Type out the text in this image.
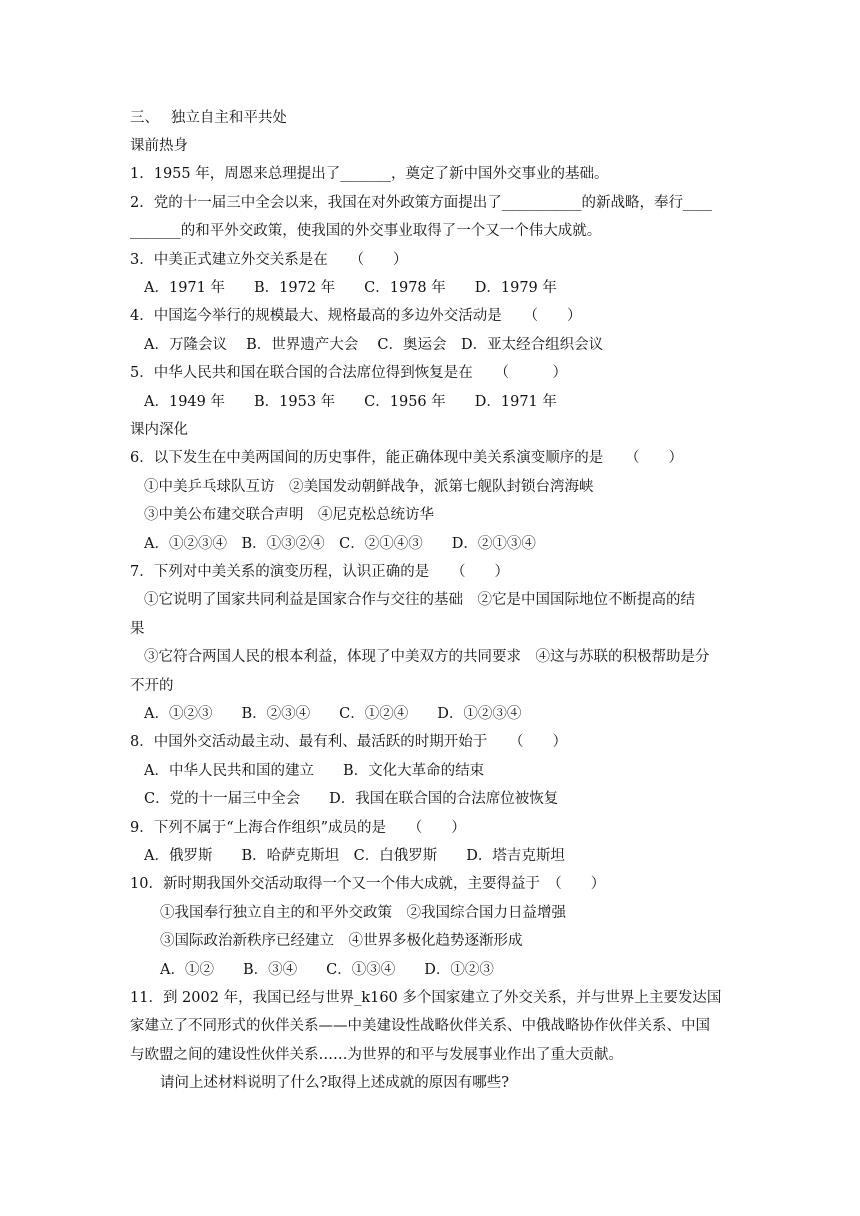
三、　 独立自主和平共处
课前热身
1．1955 年，周恩来总理提出了_______，奠定了新中国外交事业的基础。
2．党的十一届三中全会以来，我国在对外政策方面提出了___________的新战略，奉行____
_______的和平外交政策，使我国的外交事业取得了一个又一个伟大成就。
3．中美正式建立外交关系是在　　（　　）
A．1971 年　　B．1972 年　　C．1978 年　　D．1979 年
4．中国迄今举行的规模最大、规格最高的多边外交活动是　　（　　）
A．万隆会议　 B．世界遗产大会　 C．奥运会　D．亚太经合组织会议
5．中华人民共和国在联合国的合法席位得到恢复是在　　（　　　）
A．1949 年　　B．1953 年　　C．1956 年　　D．1971 年
课内深化
6．以下发生在中美两国间的历史事件，能正确体现中美关系演变顺序的是　　（　　）
①中美乒乓球队互访　②美国发动朝鲜战争，派第七舰队封锁台湾海峡
③中美公布建交联合声明　④尼克松总统访华
A．①②③④　B．①③②④　C．②①④③　　D．②①③④
7．下列对中美关系的演变历程，认识正确的是　　（　　）
①它说明了国家共同利益是国家合作与交往的基础　②它是中国国际地位不断提高的结
果
③它符合两国人民的根本利益，体现了中美双方的共同要求　④这与苏联的积极帮助是分
不开的
A．①②③　　B．②③④　　C．①②④　　D．①②③④
8．中国外交活动最主动、最有利、最活跃的时期开始于　　（　　）
A．中华人民共和国的建立　　B．文化大革命的结束
C．党的十一届三中全会　　D．我国在联合国的合法席位被恢复
9．下列不属于“上海合作组织”成员的是　　（　　）
A．俄罗斯　　B．哈萨克斯坦　C．白俄罗斯　　D．塔吉克斯坦
10．新时期我国外交活动取得一个又一个伟大成就，主要得益于　（　　）
①我国奉行独立自主的和平外交政策　②我国综合国力日益增强
③国际政治新秩序已经建立　④世界多极化趋势逐渐形成
A．①②　　B．③④　　C．①③④　　D．①②③
11．到 2002 年，我国已经与世界_k160 多个国家建立了外交关系，并与世界上主要发达国
家建立了不同形式的伙伴关系——中美建设性战略伙伴关系、中俄战略协作伙伴关系、中国
与欧盟之间的建设性伙伴关系……为世界的和平与发展事业作出了重大贡献。
请问上述材料说明了什么?取得上述成就的原因有哪些?
